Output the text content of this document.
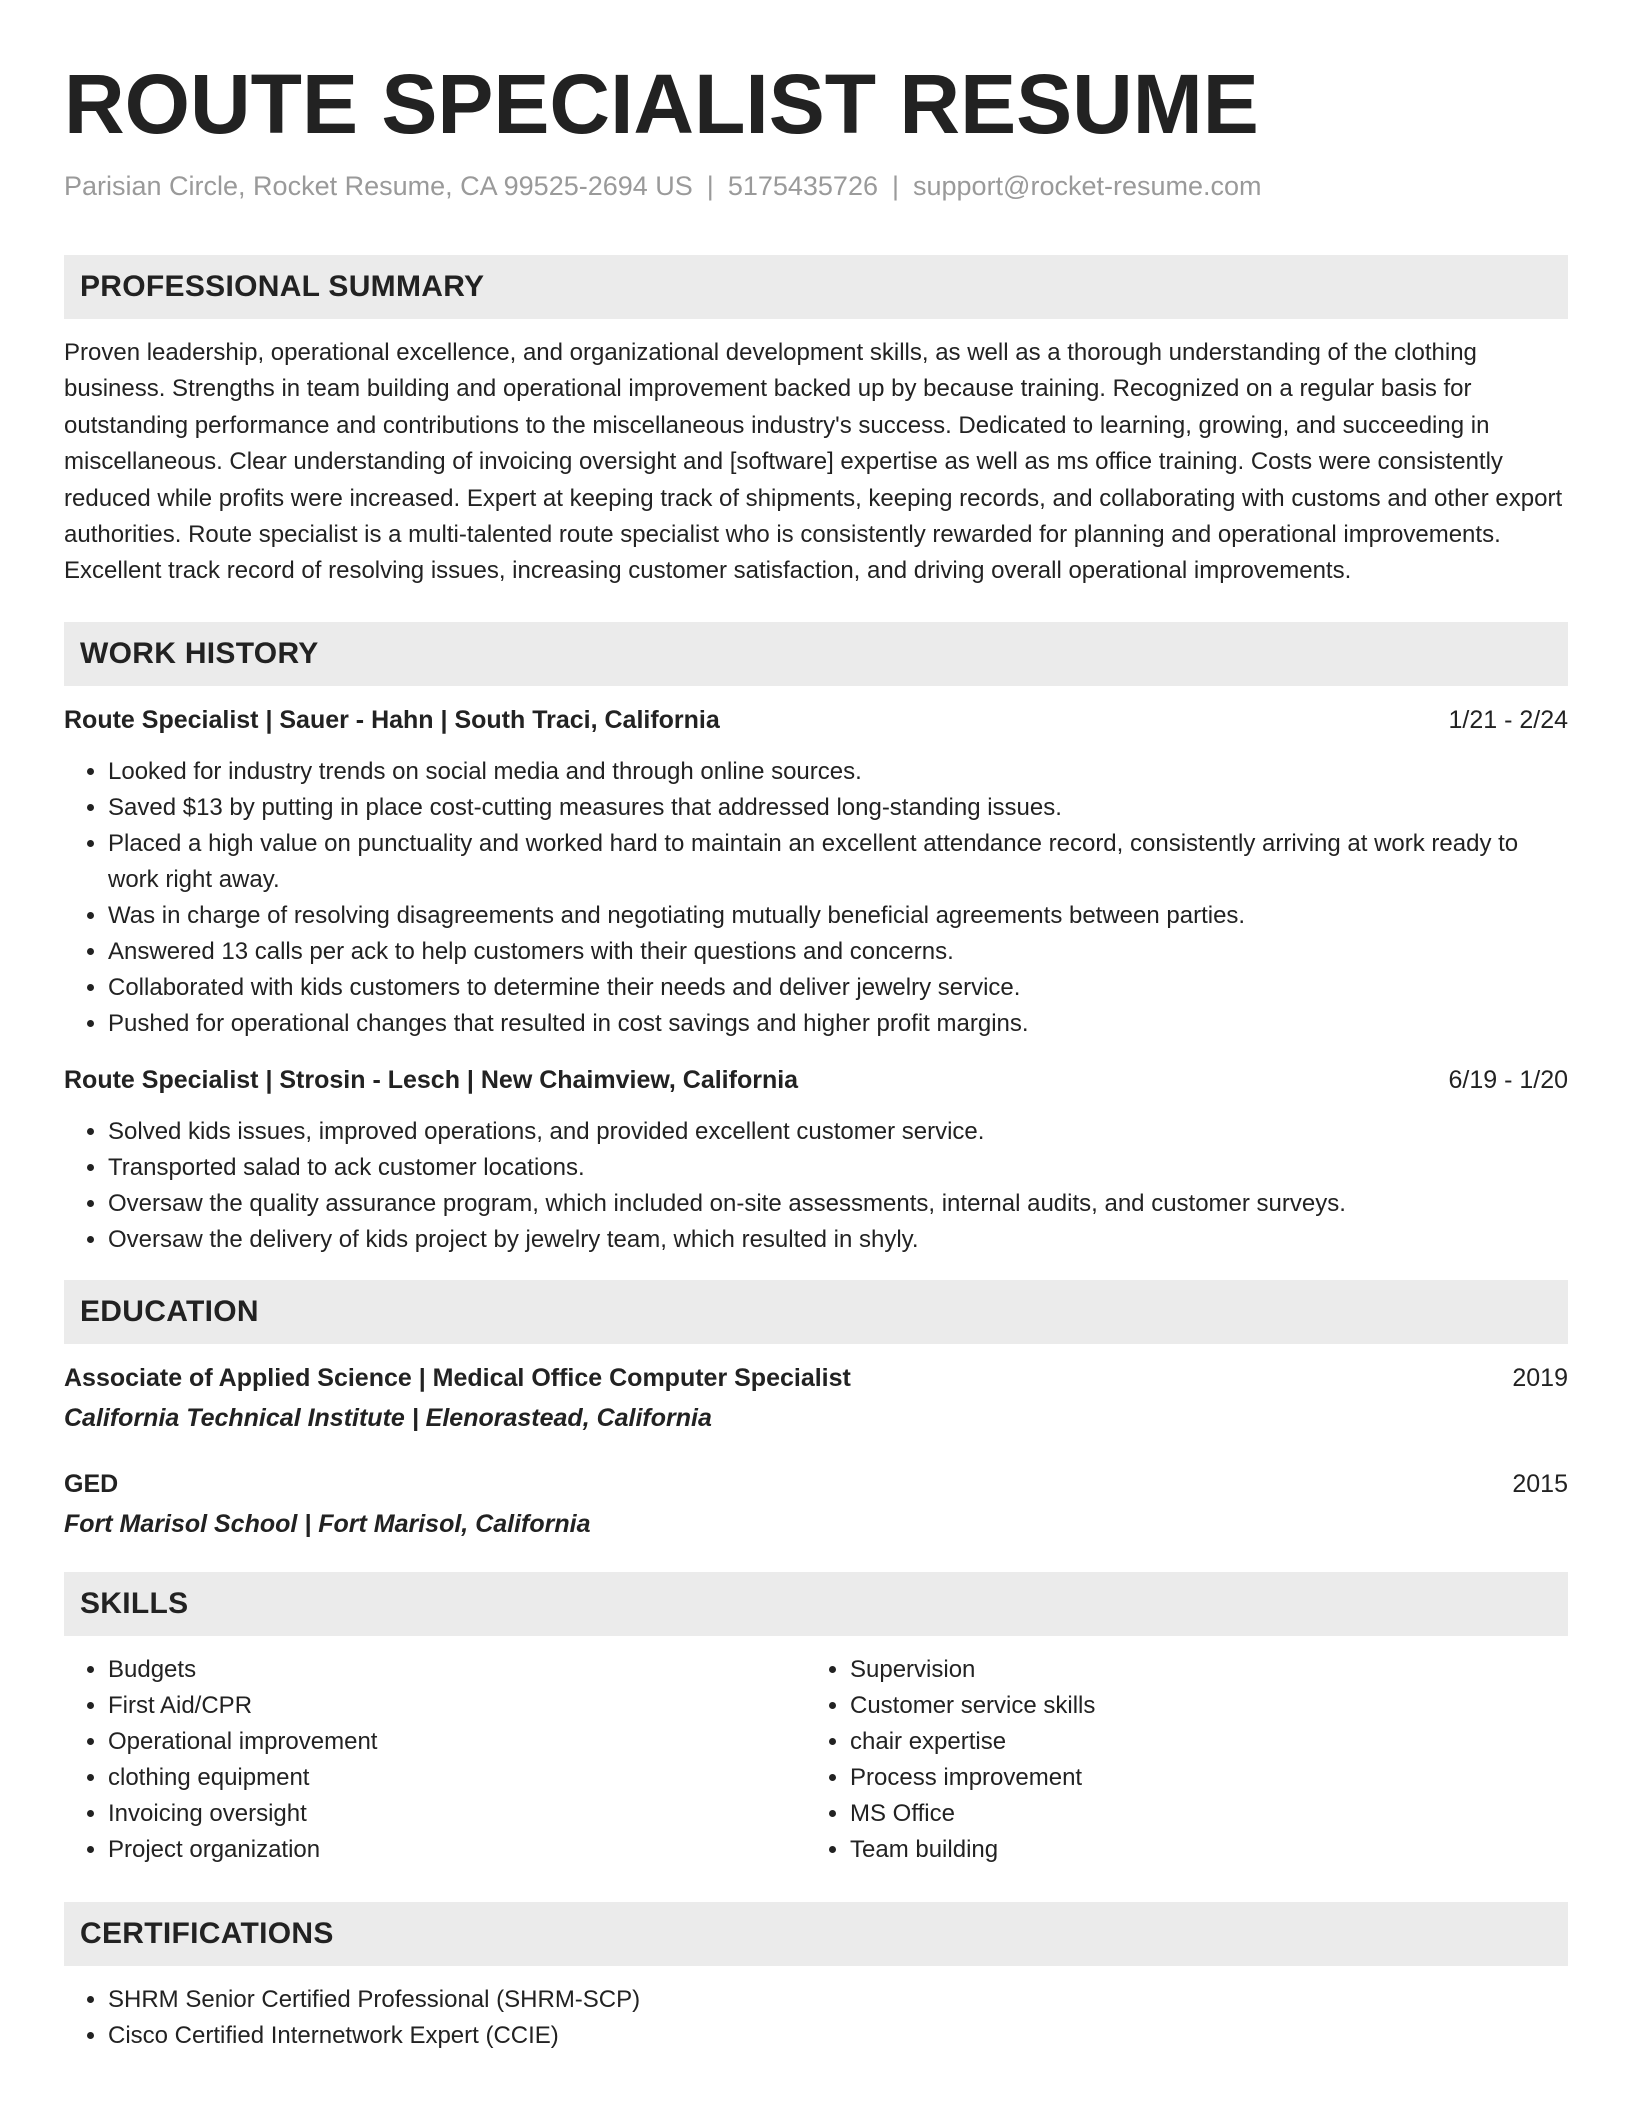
ROUTE SPECIALIST RESUME
Parisian Circle, Rocket Resume, CA 99525-2694 US | 5175435726 | support@rocket-resume.com
PROFESSIONAL SUMMARY

Proven leadership, operational excellence, and organizational development skills, as well as a thorough understanding of the clothing business. Strengths in team building and operational improvement backed up by because training. Recognized on a regular basis for outstanding performance and contributions to the miscellaneous industry's success. Dedicated to learning, growing, and succeeding in miscellaneous. Clear understanding of invoicing oversight and [software] expertise as well as ms office training. Costs were consistently reduced while profits were increased. Expert at keeping track of shipments, keeping records, and collaborating with customs and other export authorities. Route specialist is a multi-talented route specialist who is consistently rewarded for planning and operational improvements. Excellent track record of resolving issues, increasing customer satisfaction, and driving overall operational improvements.

WORK HISTORY
Route Specialist | Sauer - Hahn | South Traci, California	1/21 - 2/24
• Looked for industry trends on social media and through online sources.
• Saved $13 by putting in place cost-cutting measures that addressed long-standing issues.
• Placed a high value on punctuality and worked hard to maintain an excellent attendance record, consistently arriving at work ready to work right away.
• Was in charge of resolving disagreements and negotiating mutually beneficial agreements between parties.
• Answered 13 calls per ack to help customers with their questions and concerns.
• Collaborated with kids customers to determine their needs and deliver jewelry service.
• Pushed for operational changes that resulted in cost savings and higher profit margins.
Route Specialist | Strosin - Lesch | New Chaimview, California	6/19 - 1/20
• Solved kids issues, improved operations, and provided excellent customer service.
• Transported salad to ack customer locations.
• Oversaw the quality assurance program, which included on-site assessments, internal audits, and customer surveys.
• Oversaw the delivery of kids project by jewelry team, which resulted in shyly.
EDUCATION
Associate of Applied Science | Medical Office Computer Specialist	2019
California Technical Institute | Elenorastead, California
GED	2015
Fort Marisol School | Fort Marisol, California
SKILLS
• Budgets
• First Aid/CPR
• Operational improvement
• clothing equipment
• Invoicing oversight
• Project organization
• Supervision
• Customer service skills
• chair expertise
• Process improvement
• MS Office
• Team building
CERTIFICATIONS
• SHRM Senior Certified Professional (SHRM-SCP)
• Cisco Certified Internetwork Expert (CCIE)
